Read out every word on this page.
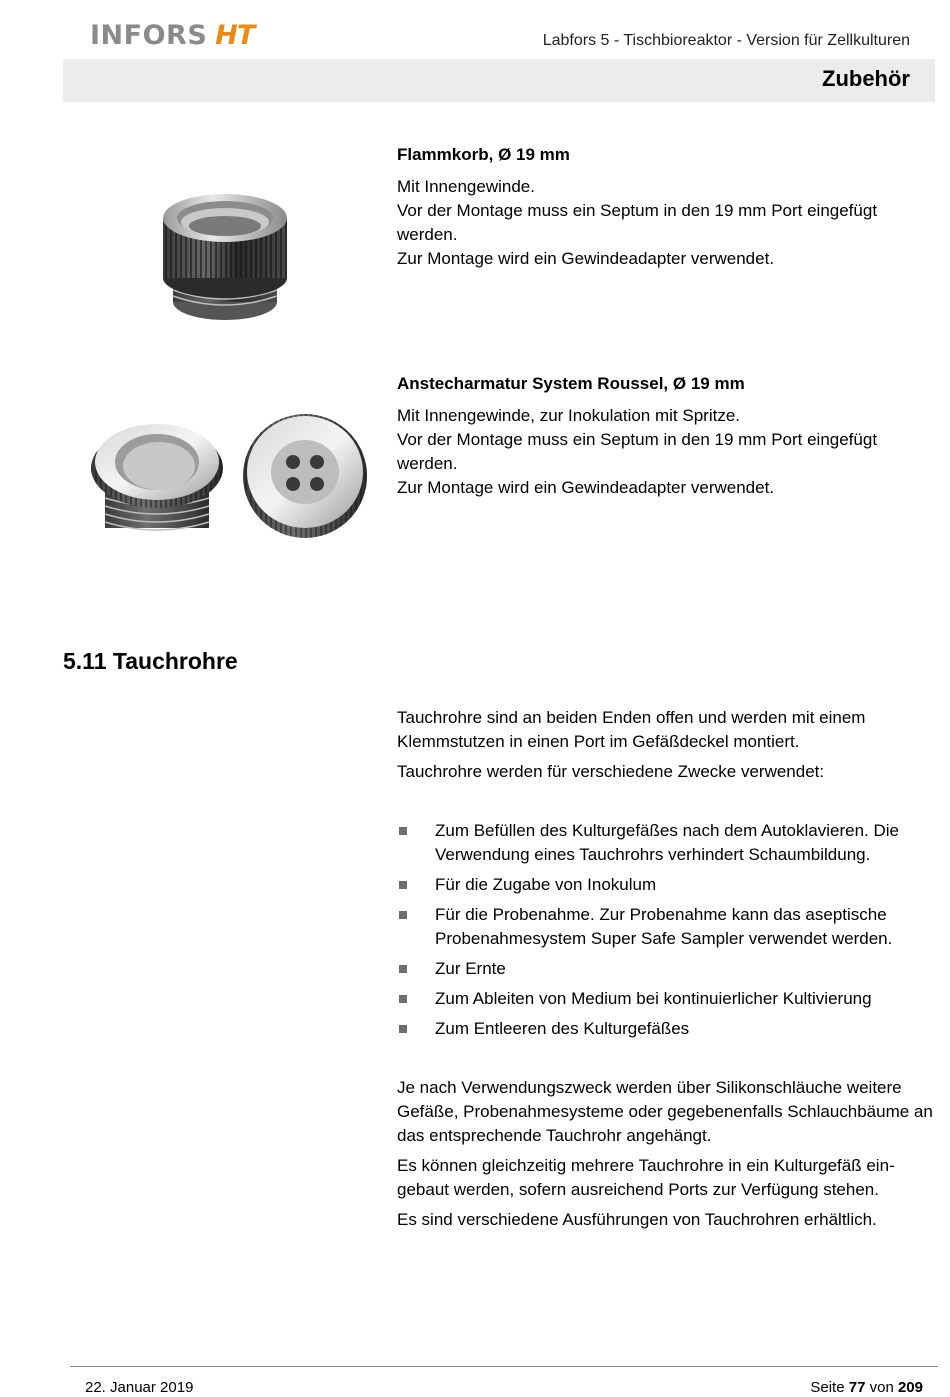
INFORS HT	Labfors 5 - Tischbioreaktor - Version für Zellkulturen
Zubehör

Flammkorb, Ø 19 mm

Mit Innengewinde.
Vor der Montage muss ein Septum in den 19 mm Port eingefügt werden.
Zur Montage wird ein Gewindeadapter verwendet.

Anstecharmatur System Roussel, Ø 19 mm

Mit Innengewinde, zur Inokulation mit Spritze.
Vor der Montage muss ein Septum in den 19 mm Port eingefügt werden.
Zur Montage wird ein Gewindeadapter verwendet.
5.11 Tauchrohre

Tauchrohre sind an beiden Enden offen und werden mit einem Klemmstutzen in einen Port im Gefäßdeckel montiert.

Tauchrohre werden für verschiedene Zwecke verwendet:

Zum Befüllen des Kulturgefäßes nach dem Autoklavieren. Die Verwendung eines Tauchrohrs verhindert Schaumbildung.
Für die Zugabe von Inokulum
Für die Probenahme. Zur Probenahme kann das aseptische Probenahmesystem Super Safe Sampler verwendet werden.
Zur Ernte
Zum Ableiten von Medium bei kontinuierlicher Kultivierung
Zum Entleeren des Kulturgefäßes

Je nach Verwendungszweck werden über Silikonschläuche weitere Gefäße, Probenahmesysteme oder gegebenenfalls Schlauchbäume an das entsprechende Tauchrohr angehängt.

Es können gleichzeitig mehrere Tauchrohre in ein Kulturgefäß eingebaut werden, sofern ausreichend Ports zur Verfügung stehen.

Es sind verschiedene Ausführungen von Tauchrohren erhältlich.

22. Januar 2019	Seite 77 von 209
